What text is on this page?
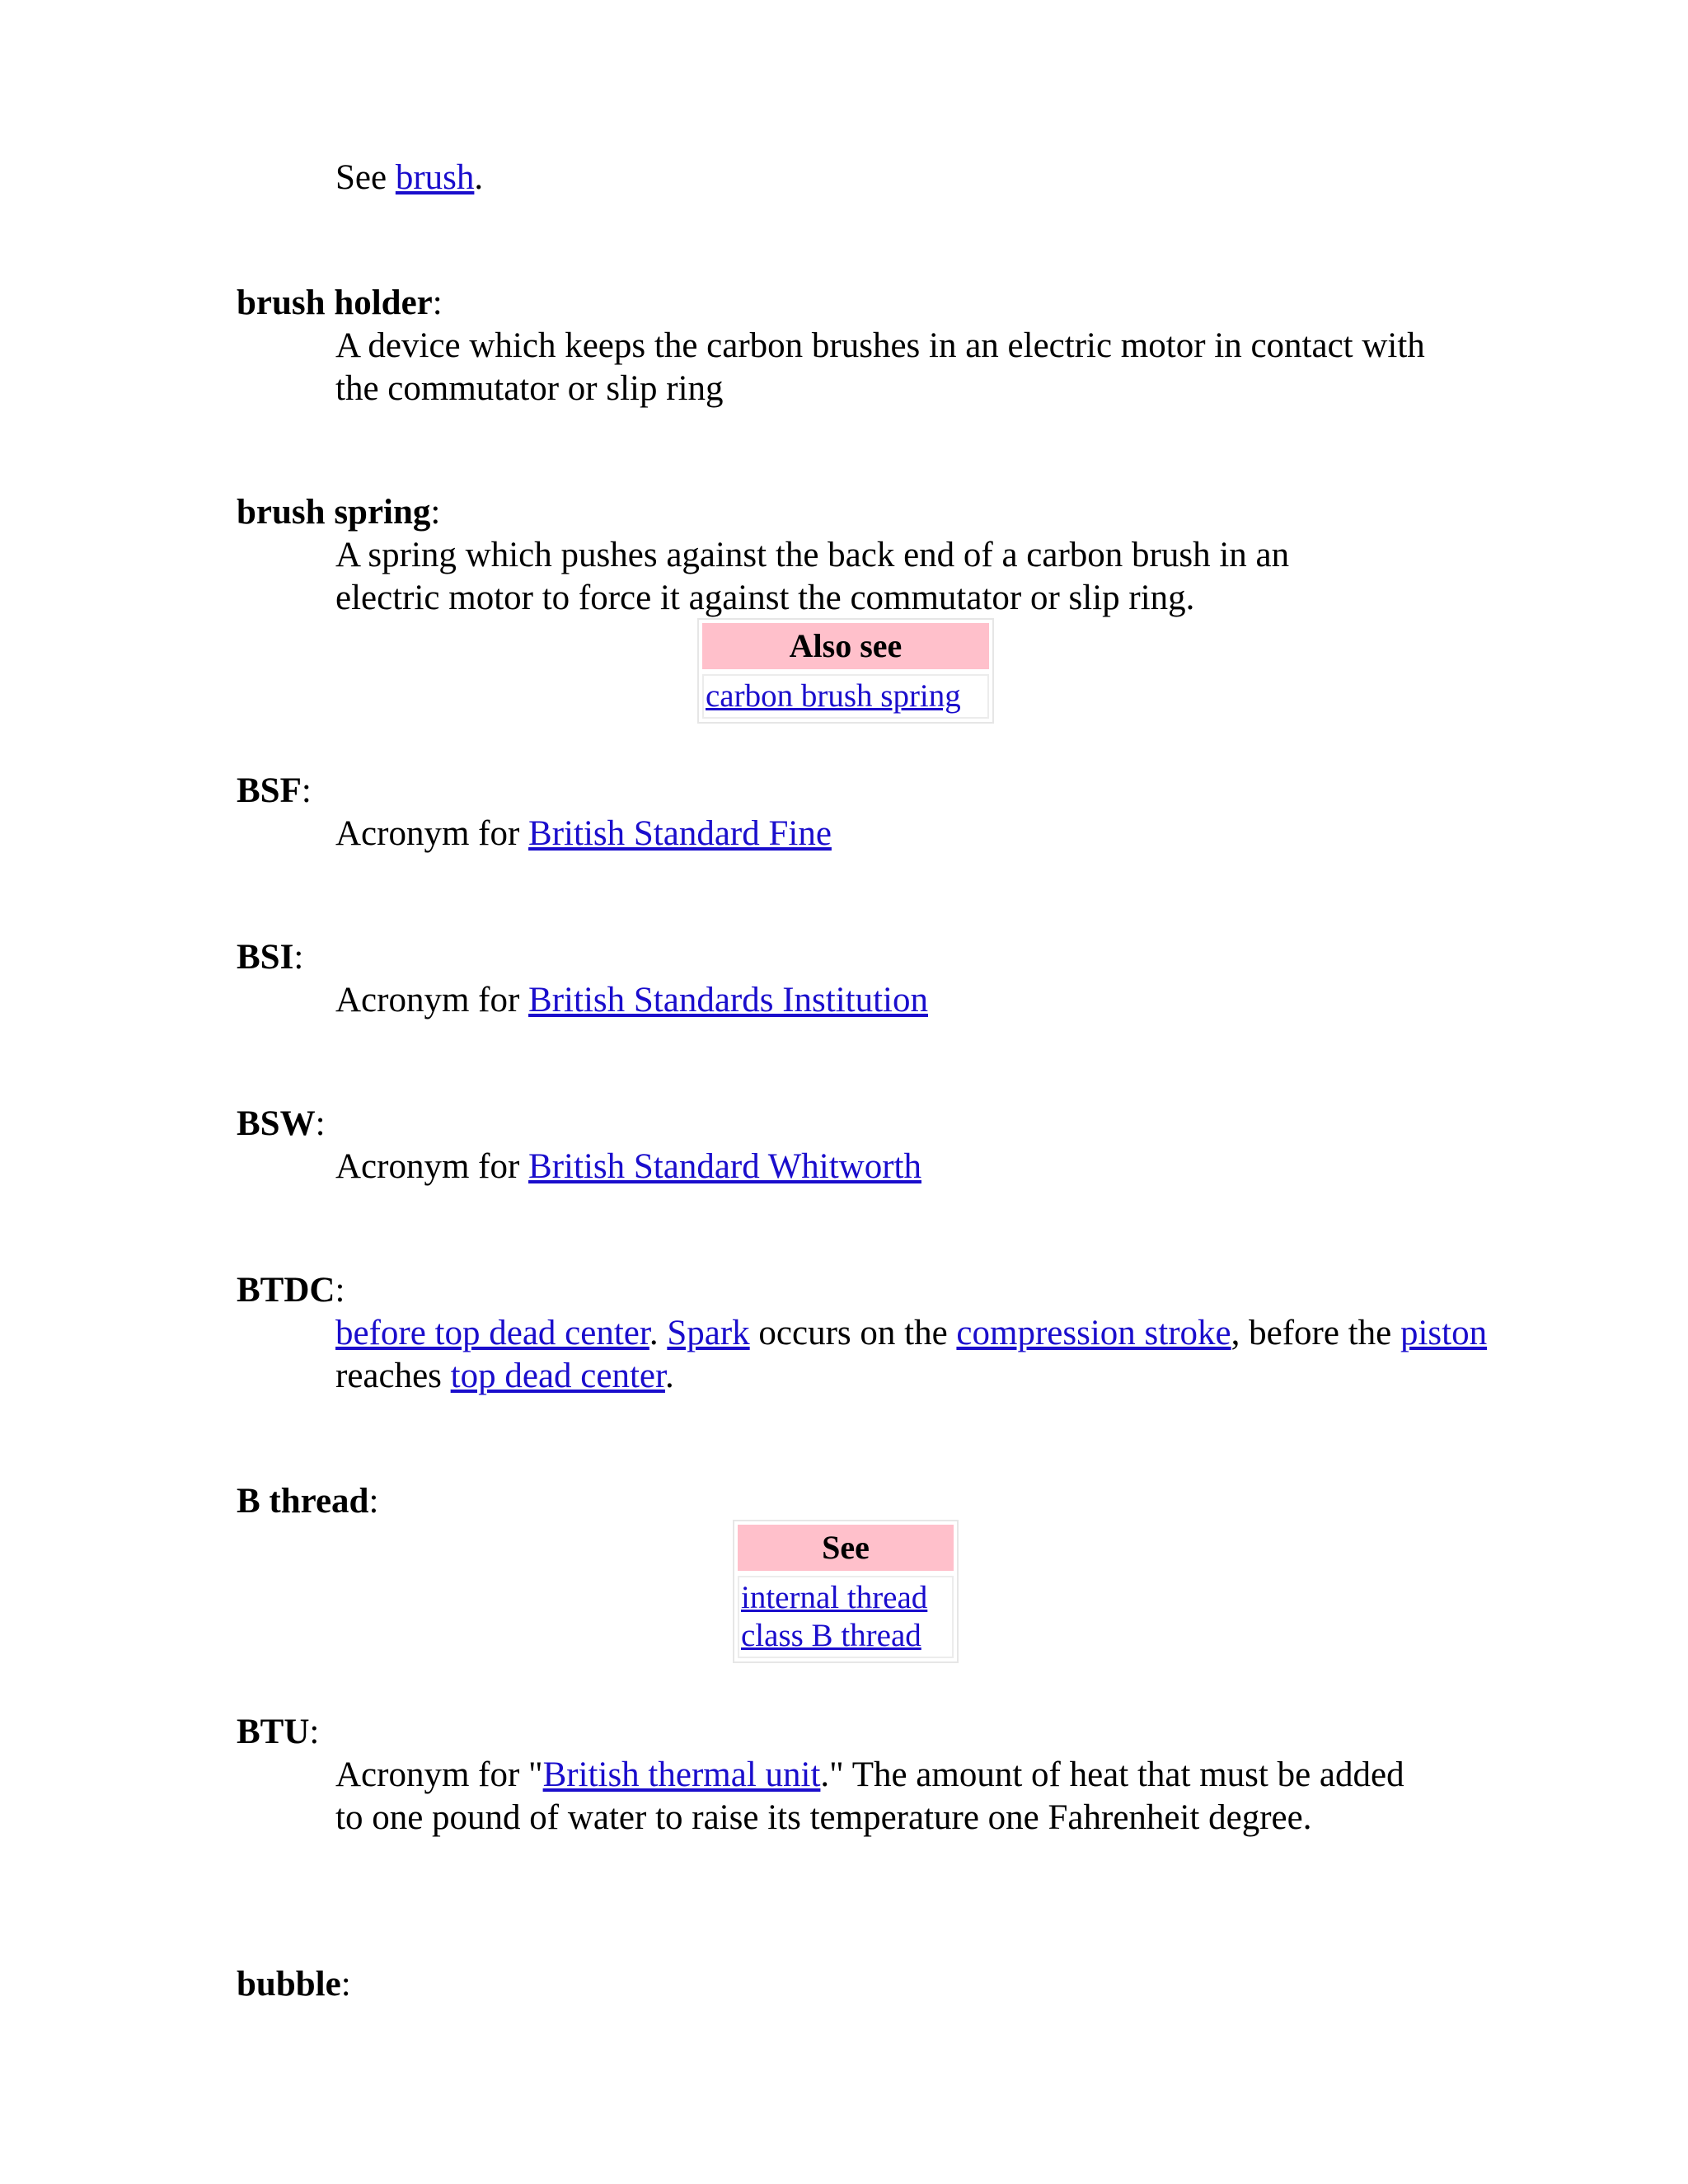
See brush.
brush holder:
A device which keeps the carbon brushes in an electric motor in contact with the commutator or slip ring
brush spring:
A spring which pushes against the back end of a carbon brush in an electric motor to force it against the commutator or slip ring.
Also see
carbon brush spring
BSF:
Acronym for British Standard Fine
BSI:
Acronym for British Standards Institution
BSW:
Acronym for British Standard Whitworth
BTDC:
before top dead center. Spark occurs on the compression stroke, before the piston reaches top dead center.
B thread:
See
internal thread
class B thread
BTU:
Acronym for "British thermal unit." The amount of heat that must be added to one pound of water to raise its temperature one Fahrenheit degree.
bubble:
